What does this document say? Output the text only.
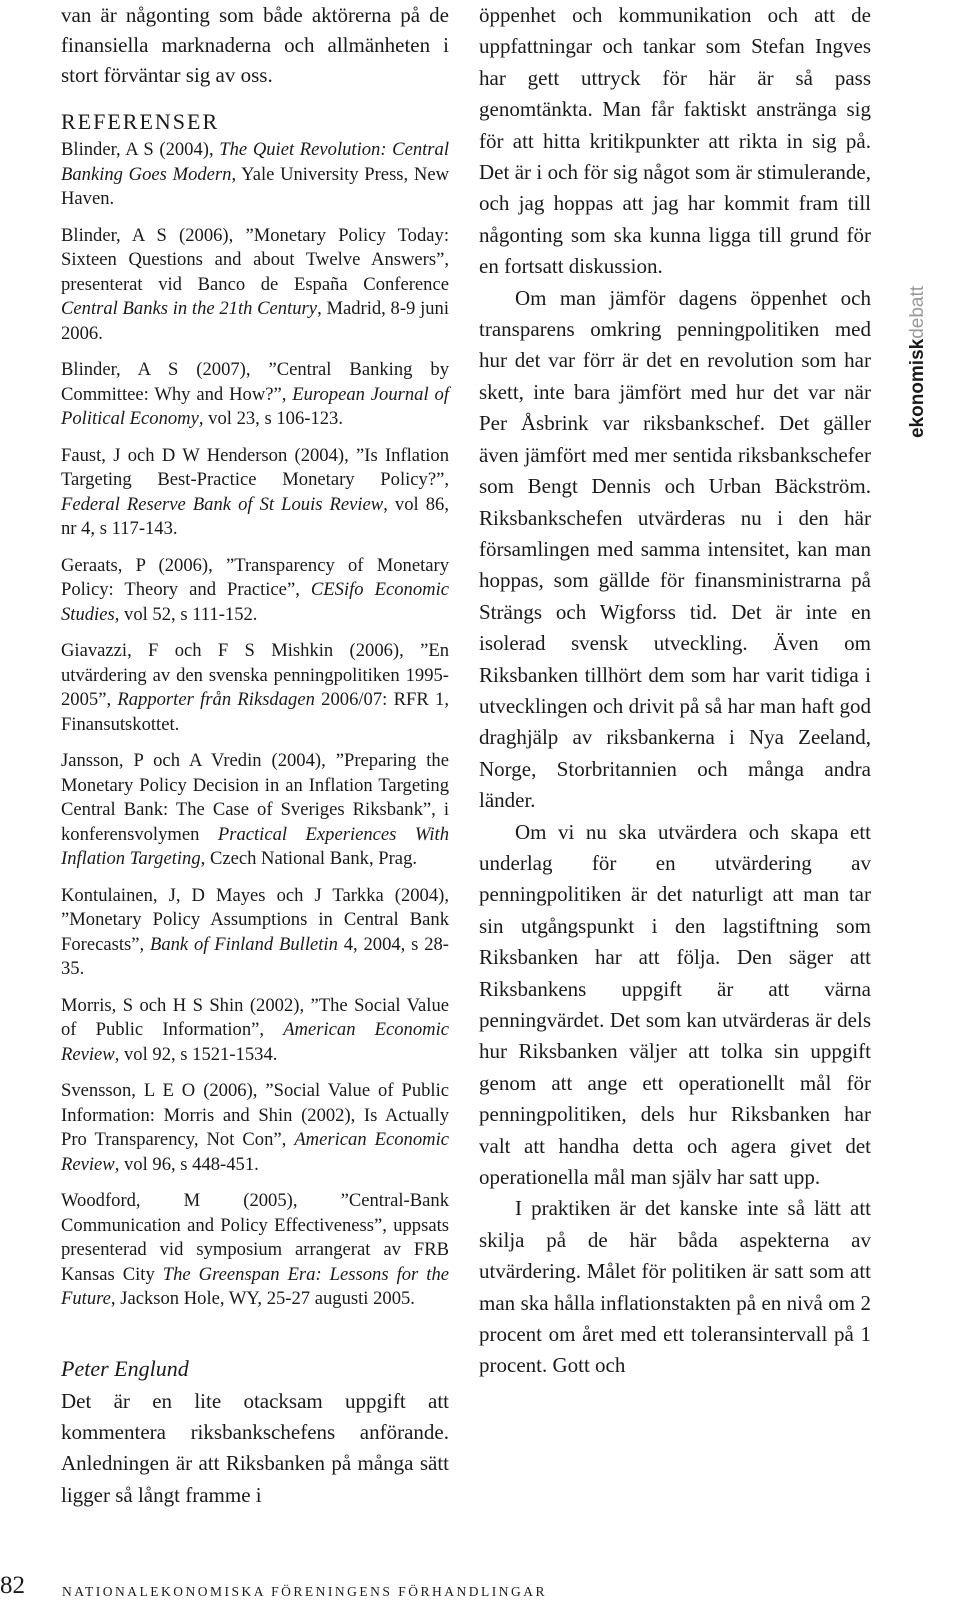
van är någonting som både aktörerna på de finansiella marknaderna och allmänheten i stort förväntar sig av oss.

REFERENSER

Blinder, A S (2004), The Quiet Revolution: Central Banking Goes Modern, Yale University Press, New Haven.

Blinder, A S (2006), ”Monetary Policy Today: Sixteen Questions and about Twelve Answers”, presenterat vid Banco de España Conference Central Banks in the 21th Century, Madrid, 8-9 juni 2006.

Blinder, A S (2007), ”Central Banking by Committee: Why and How?”, European Journal of Political Economy, vol 23, s 106-123.

Faust, J och D W Henderson (2004), ”Is Inflation Targeting Best-Practice Monetary Policy?”, Federal Reserve Bank of St Louis Review, vol 86, nr 4, s 117-143.

Geraats, P (2006), ”Transparency of Monetary Policy: Theory and Practice”, CESifo Economic Studies, vol 52, s 111-152.

Giavazzi, F och F S Mishkin (2006), ”En utvärdering av den svenska penningpolitiken 1995-2005”, Rapporter från Riksdagen 2006/07: RFR 1, Finansutskottet.

Jansson, P och A Vredin (2004), ”Preparing the Monetary Policy Decision in an Inflation Targeting Central Bank: The Case of Sveriges Riksbank”, i konferensvolymen Practical Experiences With Inflation Targeting, Czech National Bank, Prag.

Kontulainen, J, D Mayes och J Tarkka (2004), ”Monetary Policy Assumptions in Central Bank Forecasts”, Bank of Finland Bulletin 4, 2004, s 28-35.

Morris, S och H S Shin (2002), ”The Social Value of Public Information”, American Economic Review, vol 92, s 1521-1534.

Svensson, L E O (2006), ”Social Value of Public Information: Morris and Shin (2002), Is Actually Pro Transparency, Not Con”, American Economic Review, vol 96, s 448-451.

Woodford, M (2005), ”Central-Bank Communication and Policy Effectiveness”, uppsats presenterad vid symposium arrangerat av FRB Kansas City The Greenspan Era: Lessons for the Future, Jackson Hole, WY, 25-27 augusti 2005.

Peter Englund

Det är en lite otacksam uppgift att kommentera riksbankschefens anförande. Anledningen är att Riksbanken på många sätt ligger så långt framme i

öppenhet och kommunikation och att de uppfattningar och tankar som Stefan Ingves har gett uttryck för här är så pass genomtänkta. Man får faktiskt anstränga sig för att hitta kritikpunkter att rikta in sig på. Det är i och för sig något som är stimulerande, och jag hoppas att jag har kommit fram till någonting som ska kunna ligga till grund för en fortsatt diskussion.

Om man jämför dagens öppenhet och transparens omkring penningpolitiken med hur det var förr är det en revolution som har skett, inte bara jämfört med hur det var när Per Åsbrink var riksbankschef. Det gäller även jämfört med mer sentida riksbankschefer som Bengt Dennis och Urban Bäckström. Riksbankschefen utvärderas nu i den här församlingen med samma intensitet, kan man hoppas, som gällde för finansministrarna på Strängs och Wigforss tid. Det är inte en isolerad svensk utveckling. Även om Riksbanken tillhört dem som har varit tidiga i utvecklingen och drivit på så har man haft god draghjälp av riksbankerna i Nya Zeeland, Norge, Storbritannien och många andra länder.

Om vi nu ska utvärdera och skapa ett underlag för en utvärdering av penningpolitiken är det naturligt att man tar sin utgångspunkt i den lagstiftning som Riksbanken har att följa. Den säger att Riksbankens uppgift är att värna penningvärdet. Det som kan utvärderas är dels hur Riksbanken väljer att tolka sin uppgift genom att ange ett operationellt mål för penningpolitiken, dels hur Riksbanken har valt att handha detta och agera givet det operationella mål man själv har satt upp.

I praktiken är det kanske inte så lätt att skilja på de här båda aspekterna av utvärdering. Målet för politiken är satt som att man ska hålla inflationstakten på en nivå om 2 procent om året med ett toleransintervall på 1 procent. Gott och

ekonomiskdebatt
82	NATIONALEKONOMISKA FÖRENINGENS FÖRHANDLINGAR
